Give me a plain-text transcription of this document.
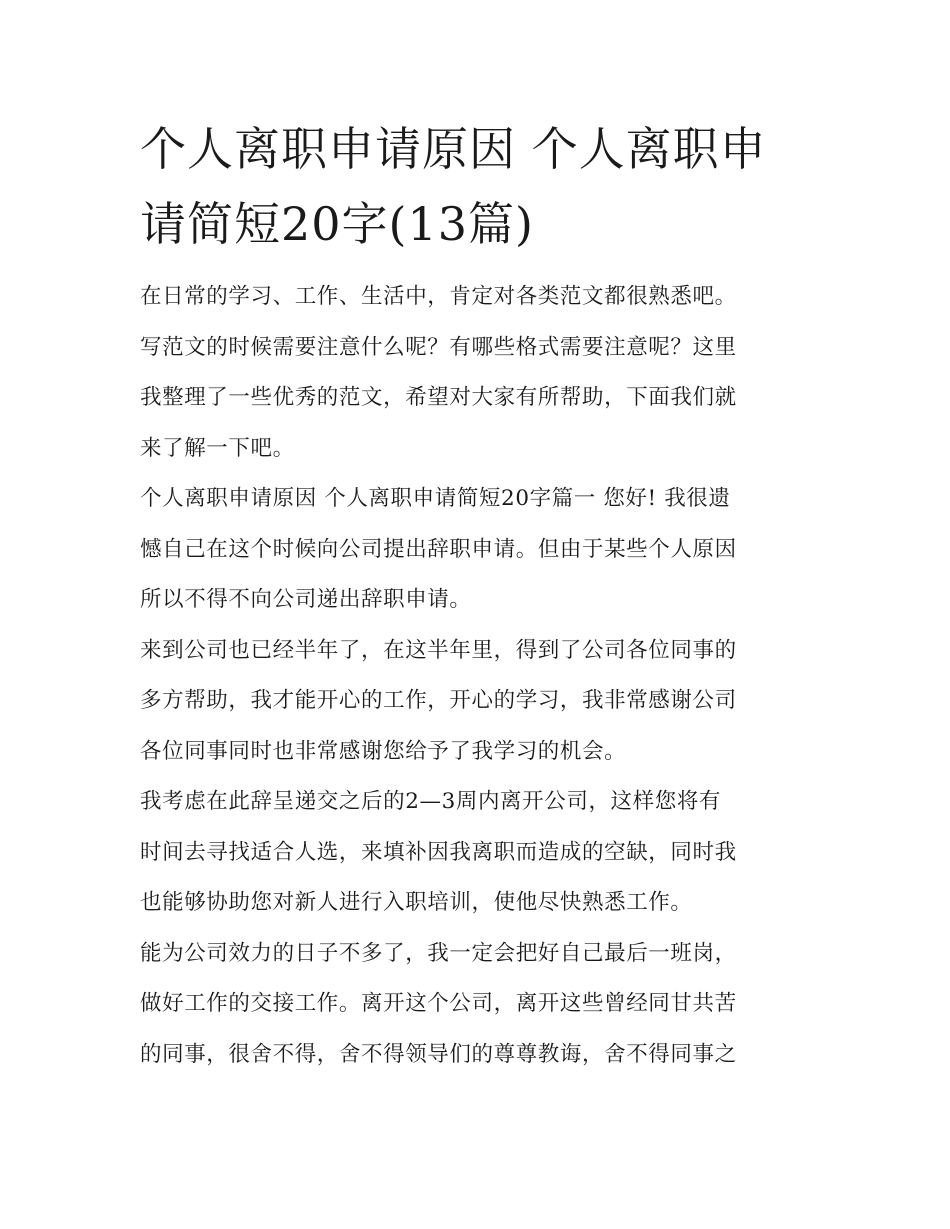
个人离职申请原因 个人离职申
请简短20字(13篇)

在日常的学习、工作、生活中，肯定对各类范文都很熟悉吧。
写范文的时候需要注意什么呢？有哪些格式需要注意呢？这里
我整理了一些优秀的范文，希望对大家有所帮助，下面我们就
来了解一下吧。

个人离职申请原因 个人离职申请简短20字篇一 您好! 我很遗
憾自己在这个时候向公司提出辞职申请。但由于某些个人原因
所以不得不向公司递出辞职申请。

来到公司也已经半年了，在这半年里，得到了公司各位同事的
多方帮助，我才能开心的工作，开心的学习，我非常感谢公司
各位同事同时也非常感谢您给予了我学习的机会。

我考虑在此辞呈递交之后的2—3周内离开公司，这样您将有
时间去寻找适合人选，来填补因我离职而造成的空缺，同时我
也能够协助您对新人进行入职培训，使他尽快熟悉工作。

能为公司效力的日子不多了，我一定会把好自己最后一班岗，
做好工作的交接工作。离开这个公司，离开这些曾经同甘共苦
的同事，很舍不得，舍不得领导们的尊尊教诲，舍不得同事之
